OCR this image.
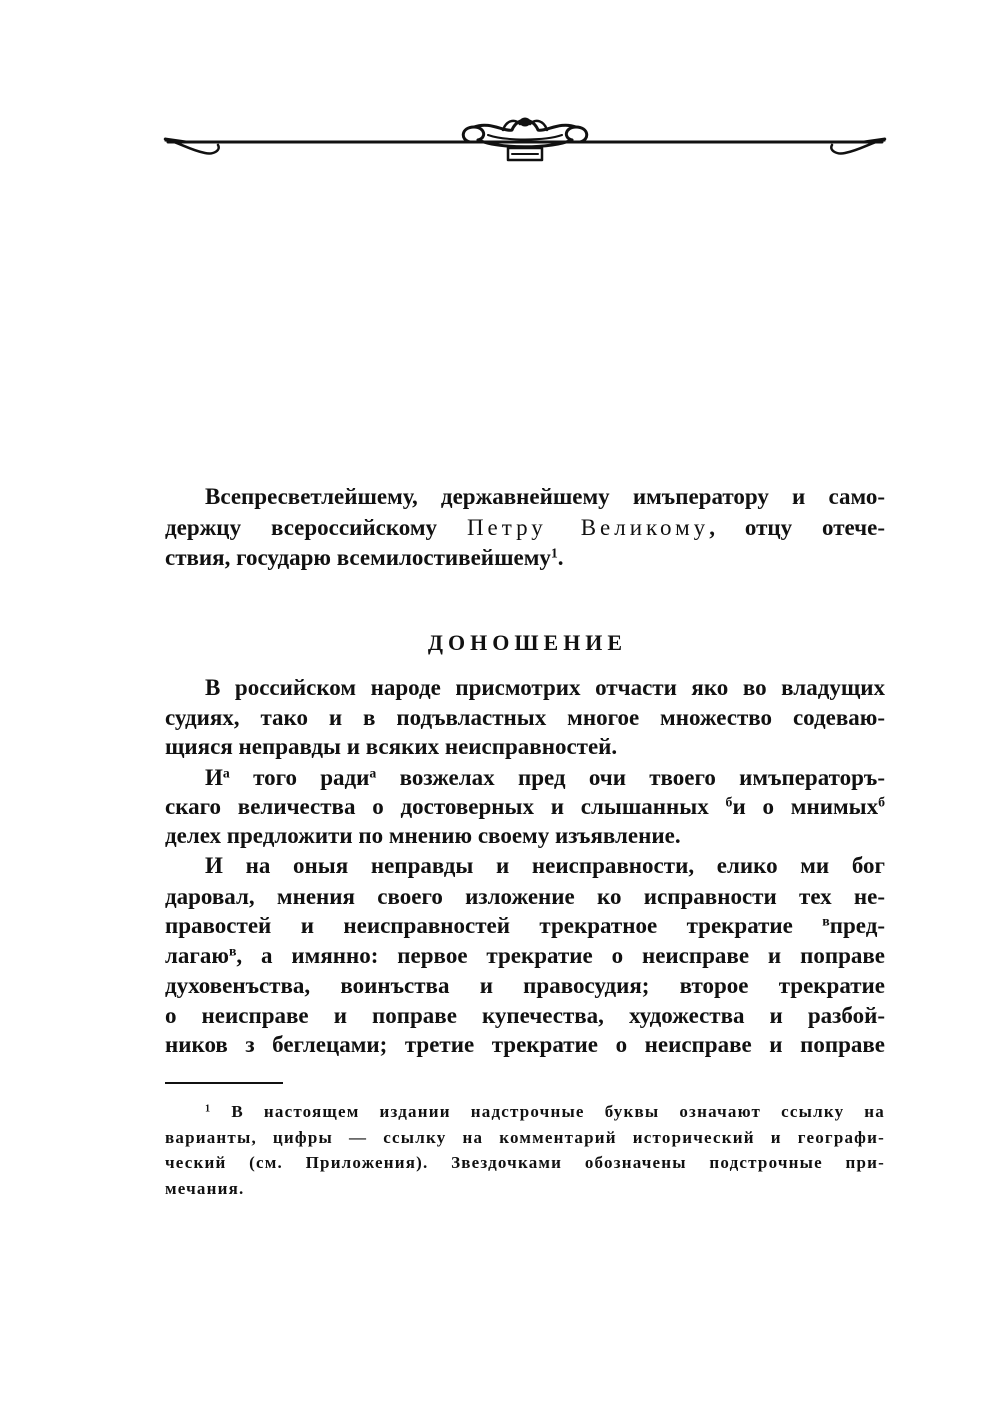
Всепресветлейшему, державнейшему имъператору и само-
держцу всероссийскому Петру Великому, отцу отече-
ствия, государю всемилостивейшему$^1$.
ДОНОШЕНИЕ
В российском народе присмотрих отчасти яко во владущих
судиях, тако и в подъвластных многое множество содеваю-
щияся неправды и всяких неисправностей.
$И^а$ того ради$^а$ возжелах пред очи твоего имъператоръ-
скаго величества о достоверных и слышанных $^б$и о мнимых$^б$
делех предложити по мнению своему изъявление.
И на оныя неправды и неисправности, елико ми бог
даровал, мнения своего изложение ко исправности тех не-
правостей и неисправностей трекратное трекратие $^в$пред-
лагаю$^в$, а имянно: первое трекратие о неисправе и поправе
духовенъства, воинъства и правосудия; второе трекратие
о неисправе и поправе купечества, художества и разбой-
ников з беглецами; третие трекратие о неисправе и поправе
$^1$ В настоящем издании надстрочные буквы означают ссылку на
варианты, цифры — ссылку на комментарий исторический и географи-
ческий (см. Приложения). Звездочками обозначены подстрочные при-
мечания.
